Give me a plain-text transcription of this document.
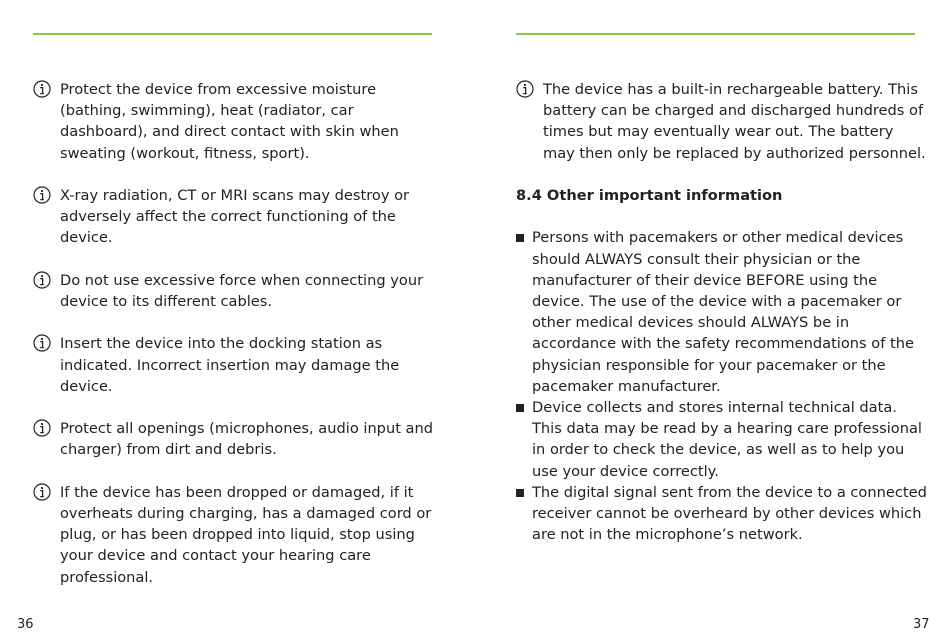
Protect the device from excessive moisture (bathing, swimming), heat (radiator, car dashboard), and direct contact with skin when sweating (workout, fitness, sport).
X-ray radiation, CT or MRI scans may destroy or adversely affect the correct functioning of the device.
Do not use excessive force when connecting your device to its different cables.
Insert the device into the docking station as indicated. Incorrect insertion may damage the device.
Protect all openings (microphones, audio input and charger) from dirt and debris.
If the device has been dropped or damaged, if it overheats during charging, has a damaged cord or plug, or has been dropped into liquid, stop using your device and contact your hearing care professional.
The device has a built-in rechargeable battery. This battery can be charged and discharged hundreds of times but may eventually wear out. The battery may then only be replaced by authorized personnel.
8.4 Other important information
Persons with pacemakers or other medical devices should ALWAYS consult their physician or the manufacturer of their device BEFORE using the device. The use of the device with a pacemaker or other medical devices should ALWAYS be in accordance with the safety recommendations of the physician responsible for your pacemaker or the pacemaker manufacturer.
Device collects and stores internal technical data. This data may be read by a hearing care professional in order to check the device, as well as to help you use your device correctly.
The digital signal sent from the device to a connected receiver cannot be overheard by other devices which are not in the microphone’s network.
36	37
